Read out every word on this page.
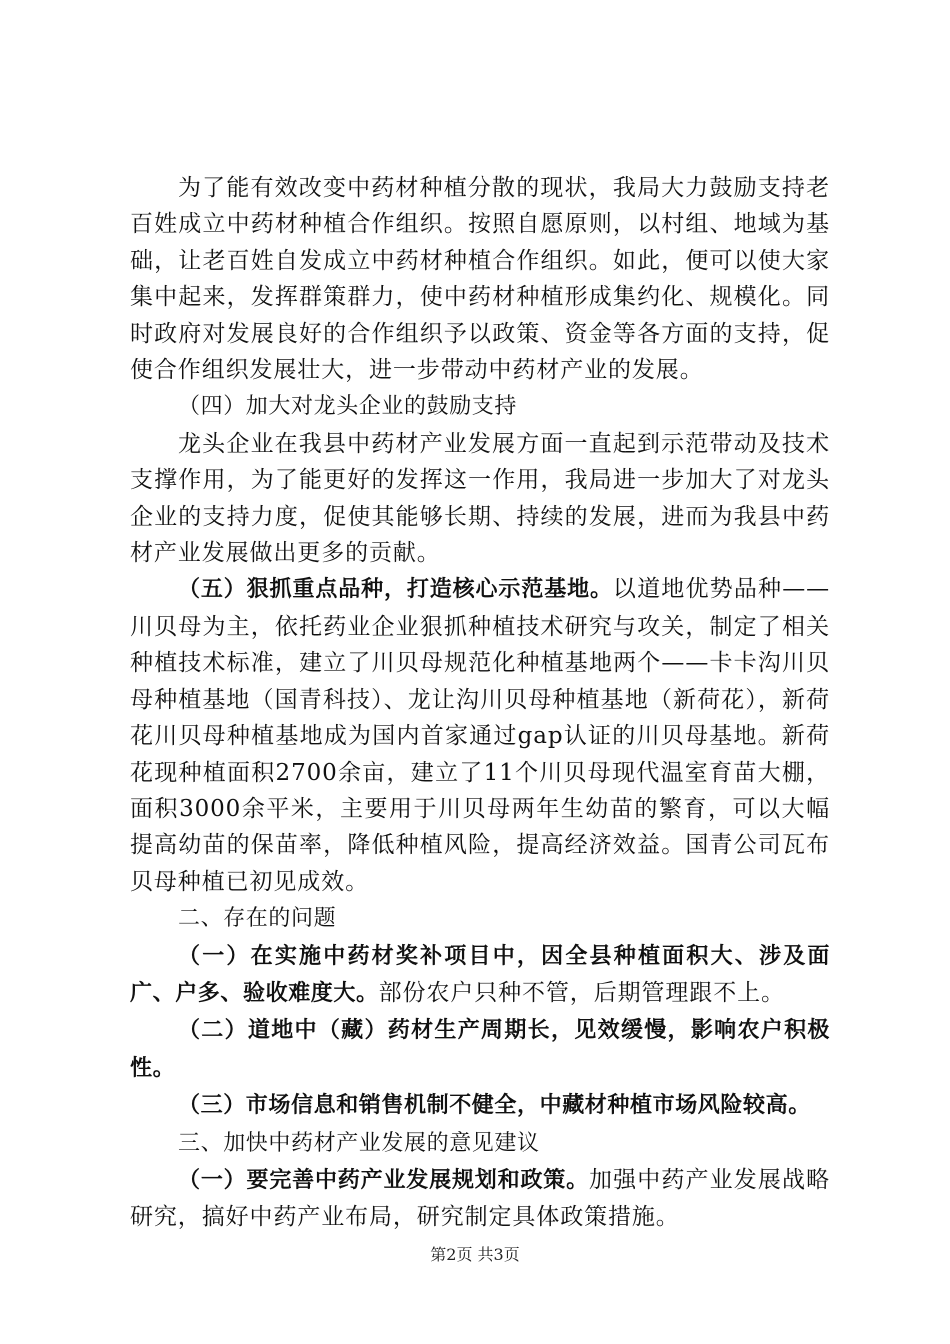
为了能有效改变中药材种植分散的现状，我局大力鼓励支持老百姓成立中药材种植合作组织。按照自愿原则，以村组、地域为基础，让老百姓自发成立中药材种植合作组织。如此，便可以使大家集中起来，发挥群策群力，使中药材种植形成集约化、规模化。同时政府对发展良好的合作组织予以政策、资金等各方面的支持，促使合作组织发展壮大，进一步带动中药材产业的发展。

（四）加大对龙头企业的鼓励支持

龙头企业在我县中药材产业发展方面一直起到示范带动及技术支撑作用，为了能更好的发挥这一作用，我局进一步加大了对龙头企业的支持力度，促使其能够长期、持续的发展，进而为我县中药材产业发展做出更多的贡献。

（五）狠抓重点品种，打造核心示范基地。以道地优势品种——川贝母为主，依托药业企业狠抓种植技术研究与攻关，制定了相关种植技术标准，建立了川贝母规范化种植基地两个——卡卡沟川贝母种植基地（国青科技）、龙让沟川贝母种植基地（新荷花），新荷花川贝母种植基地成为国内首家通过gap认证的川贝母基地。新荷花现种植面积2700余亩，建立了11个川贝母现代温室育苗大棚，面积3000余平米，主要用于川贝母两年生幼苗的繁育，可以大幅提高幼苗的保苗率，降低种植风险，提高经济效益。国青公司瓦布贝母种植已初见成效。

二、存在的问题

（一）在实施中药材奖补项目中，因全县种植面积大、涉及面广、户多、验收难度大。部份农户只种不管，后期管理跟不上。

（二）道地中（藏）药材生产周期长，见效缓慢，影响农户积极性。

（三）市场信息和销售机制不健全，中藏材种植市场风险较高。

三、加快中药材产业发展的意见建议

（一）要完善中药产业发展规划和政策。加强中药产业发展战略研究，搞好中药产业布局，研究制定具体政策措施。

第2页 共3页
